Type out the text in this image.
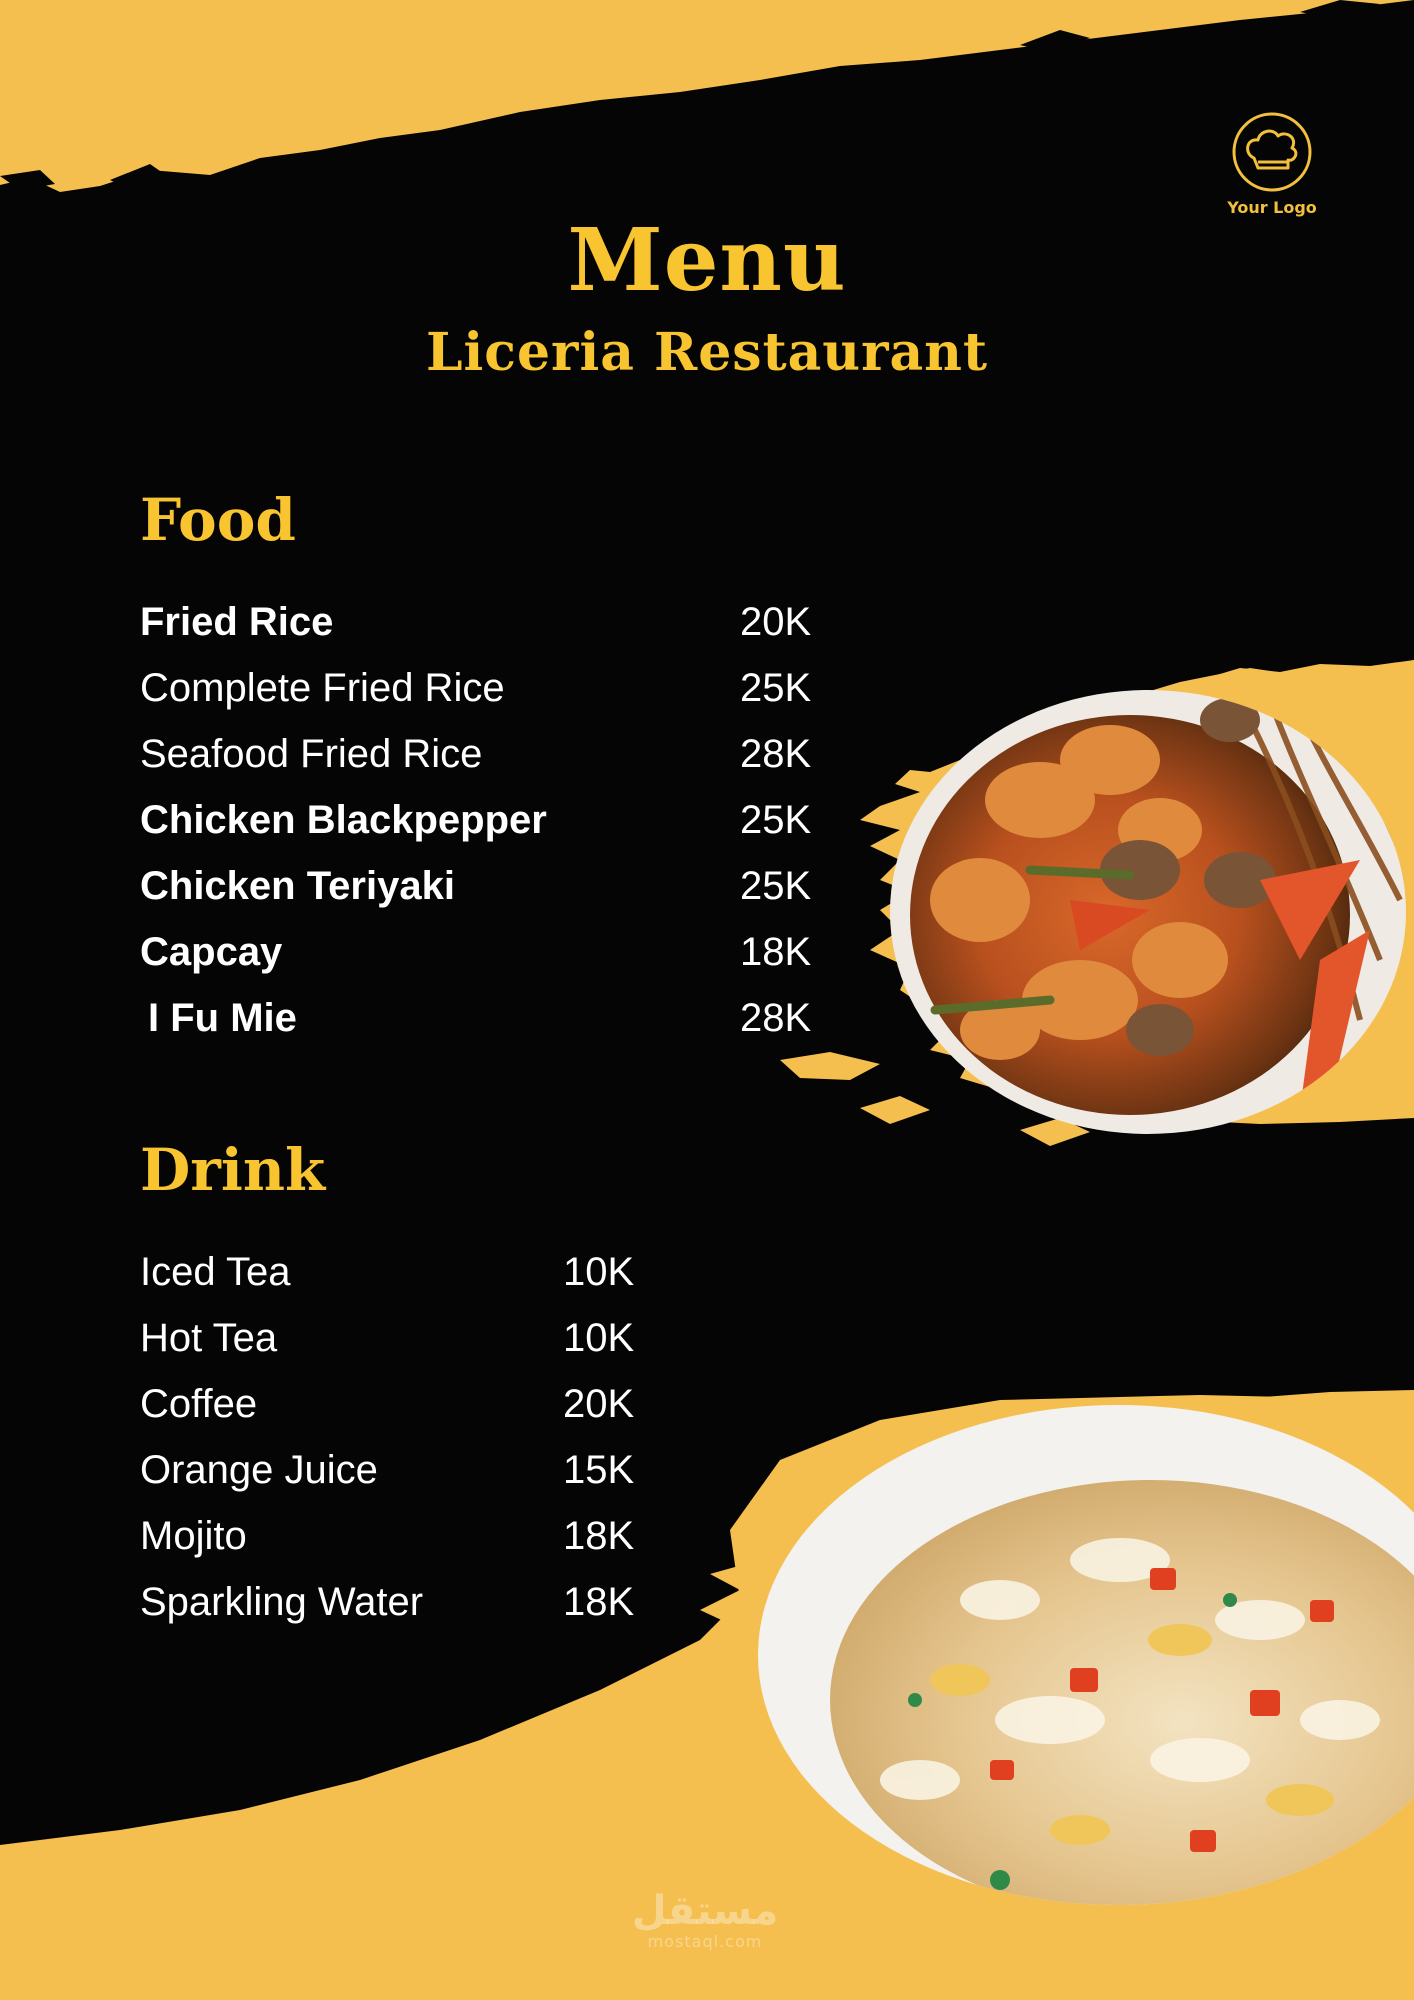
Your Logo
Menu
Liceria Restaurant
Food
Fried Rice	20K
Complete Fried Rice	25K
Seafood Fried Rice	28K
Chicken Blackpepper	25K
Chicken Teriyaki	25K
Capcay	18K
I Fu Mie	28K
Drink
Iced Tea	10K
Hot Tea	10K
Coffee	20K
Orange Juice	15K
Mojito	18K
Sparkling Water	18K
مستقل
mostaql.com
